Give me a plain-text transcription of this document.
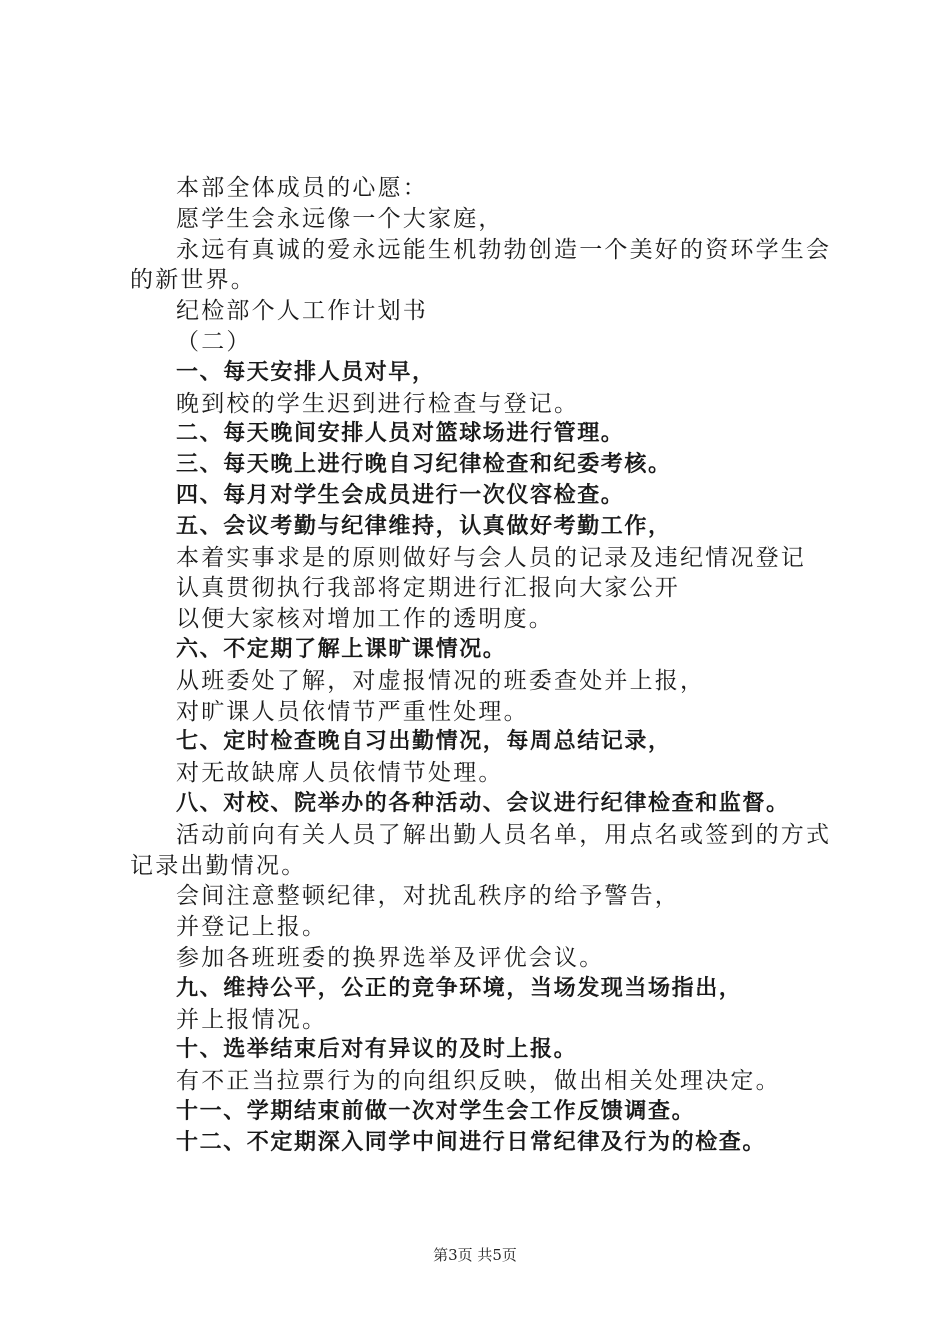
本部全体成员的心愿：
愿学生会永远像一个大家庭，
永远有真诚的爱永远能生机勃勃创造一个美好的资环学生会的新世界。
纪检部个人工作计划书
（二）
一、每天安排人员对早，
晚到校的学生迟到进行检查与登记。
二、每天晚间安排人员对篮球场进行管理。
三、每天晚上进行晚自习纪律检查和纪委考核。
四、每月对学生会成员进行一次仪容检查。
五、会议考勤与纪律维持，认真做好考勤工作，
本着实事求是的原则做好与会人员的记录及违纪情况登记
认真贯彻执行我部将定期进行汇报向大家公开
以便大家核对增加工作的透明度。
六、不定期了解上课旷课情况。
从班委处了解，对虚报情况的班委查处并上报，
对旷课人员依情节严重性处理。
七、定时检查晚自习出勤情况，每周总结记录，
对无故缺席人员依情节处理。
八、对校、院举办的各种活动、会议进行纪律检查和监督。
活动前向有关人员了解出勤人员名单，用点名或签到的方式记录出勤情况。
会间注意整顿纪律，对扰乱秩序的给予警告，
并登记上报。
参加各班班委的换界选举及评优会议。
九、维持公平，公正的竞争环境，当场发现当场指出，
并上报情况。
十、选举结束后对有异议的及时上报。
有不正当拉票行为的向组织反映，做出相关处理决定。
十一、学期结束前做一次对学生会工作反馈调查。
十二、不定期深入同学中间进行日常纪律及行为的检查。
第3页 共5页
